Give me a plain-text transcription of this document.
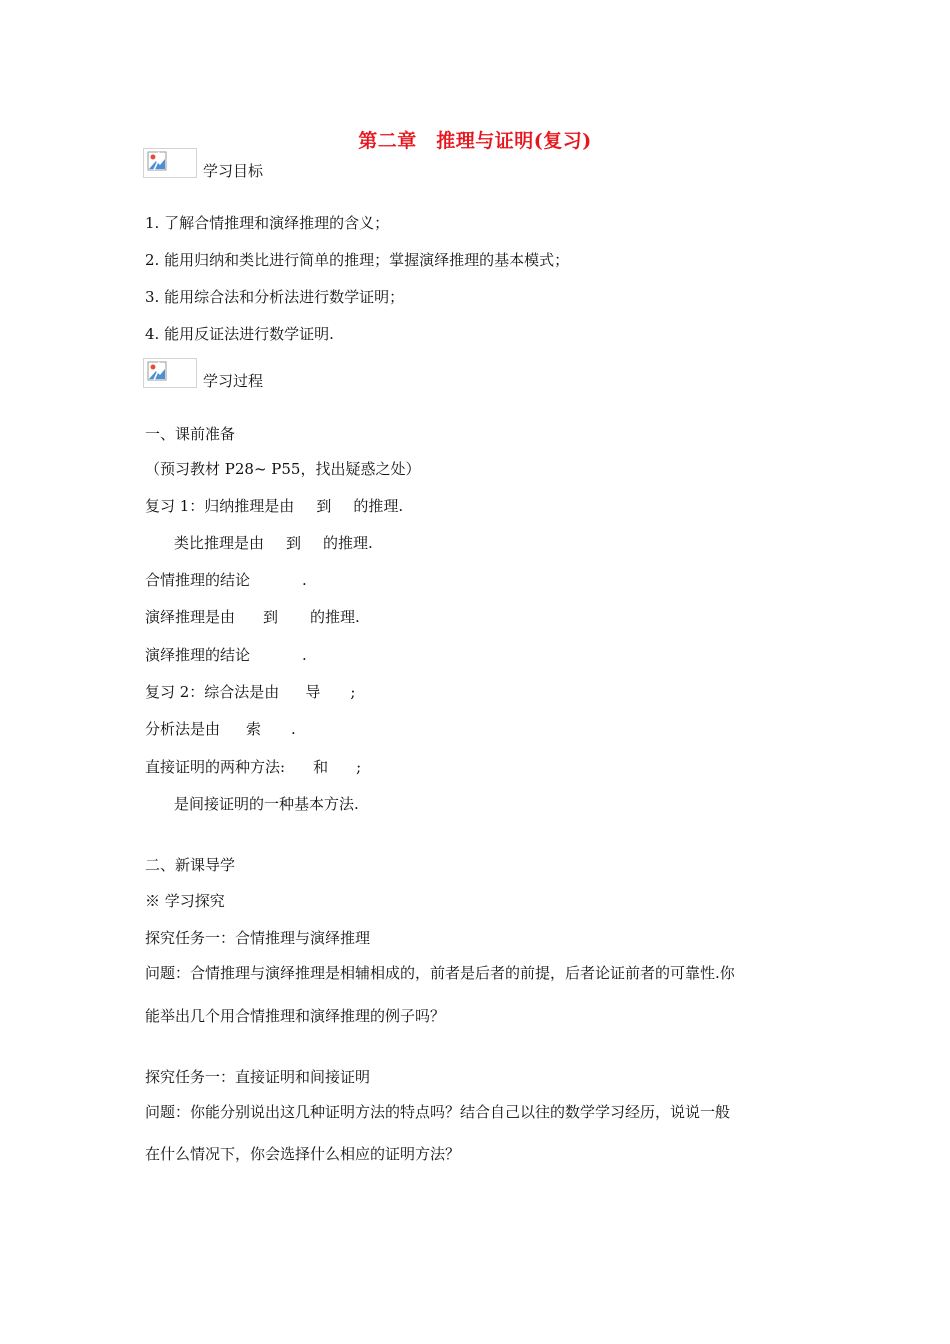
第二章　推理与证明(复习)
学习目标
1. 了解合情推理和演绎推理的含义；
2. 能用归纳和类比进行简单的推理；掌握演绎推理的基本模式；
3. 能用综合法和分析法进行数学证明；
4. 能用反证法进行数学证明.
学习过程
一、课前准备
（预习教材 P28~ P55，找出疑惑之处）
复习 1：归纳推理是由 到 的推理.
类比推理是由 到 的推理.
合情推理的结论	.
演绎推理是由 到 的推理.
演绎推理的结论	.
复习 2：综合法是由 导 ;
分析法是由 索 .
直接证明的两种方法: 和 ;
是间接证明的一种基本方法.
二、新课导学
※ 学习探究
探究任务一：合情推理与演绎推理
问题：合情推理与演绎推理是相辅相成的，前者是后者的前提，后者论证前者的可靠性.你
能举出几个用合情推理和演绎推理的例子吗？
探究任务一：直接证明和间接证明
问题：你能分别说出这几种证明方法的特点吗？结合自己以往的数学学习经历，说说一般
在什么情况下，你会选择什么相应的证明方法？
